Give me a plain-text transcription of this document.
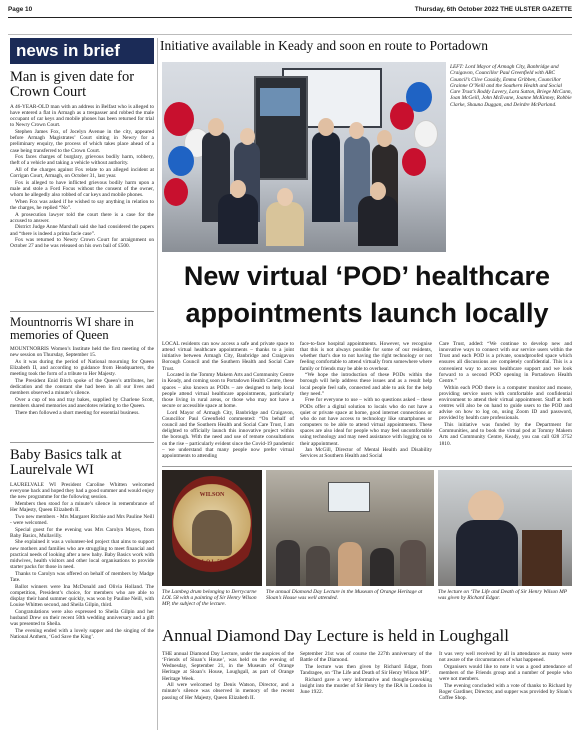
Page 10	Thursday, 6th October 2022 THE ULSTER GAZETTE
news in brief	Initiative available in Keady and soon en route to Portadown
Man is given date for Crown Court

A 46-YEAR-OLD man with an address in Belfast who is alleged to have entered a flat in Armagh as a trespasser and robbed the male occupant of car keys and mobile phones has been returned for trial to Newry Crown Court.

Stephen James Fox, of Jocelyn Avenue in the city, appeared before Armagh Magistrates’ Court sitting in Newry for a preliminary enquiry, the process of which takes place ahead of a case being transferred to the Crown Court.

Fox faces charges of burglary, grievous bodily harm, robbery, theft of a vehicle and taking a vehicle without authority.

All of the charges against Fox relate to an alleged incident at Corrigan Court, Armagh, on October 31, last year.

Fox is alleged to have inflicted grievous bodily harm upon a male and stole a Ford Focus without the consent of the owner, whom he allegedly also robbed of car keys and mobile phones.

When Fox was asked if he wished to say anything in relation to the charges, he replied “No”.

A prosecution lawyer told the court there is a case for the accused to answer.

District Judge Anne Marshall said she had considered the papers and “there is indeed a prima facie case”.

Fox was returned to Newry Crown Court for arraignment on October 27 and he was released on his own bail of £500.

Mountnorris WI share in memories of Queen

MOUNTNORRIS Women’s Institute held the first meeting of the new session on Thursday, September 15.

As it was during the period of National mourning for Queen Elizabeth II, and according to guidance from Headquarters, the meeting took the form of a tribute to Her Majesty.

The President Enid Birch spoke of the Queen’s attributes, her dedication and the constant she had been in all our lives and members observed a minute’s silence.

Over a cup of tea and tray bakes, supplied by Charlene Scott, members shared memories and anecdotes relating to the Queen.

There then followed a short meeting for essential business.

Baby Basics talk at Laurelvale WI

LAURELVALE WI President Caroline Whitten welcomed everyone back and hoped they had a good summer and would enjoy the new programme for the following session.

Members then stood for a minute’s silence in remembrance of Her Majesty, Queen Elizabeth II.

Two new members - Mrs Margaret Ritchie and Mrs Pauline Neill - were welcomed.

Special guest for the evening was Mrs Carolyn Mayes, from Baby Basics, Mullavilly.

She explained it was a volunteer-led project that aims to support new mothers and families who are struggling to meet financial and practical needs of looking after a new baby. Baby Basics work with midwives, health visitors and other local organisations to provide starter packs for those in need.

Thanks to Carolyn was offered on behalf of members by Madge Tate.

Ballot winners were Ina McDonald and Olivia Holland. The competition, President’s choice, for members who are able to display their hand summer quickly, was won by Pauline Neill, with Louise Whitten second, and Sheila Gilpin, third.

Congratulations were also expressed to Sheila Gilpin and her husband Drew on their recent 50th wedding anniversary and a gift was presented to Sheila.

The evening ended with a lovely supper and the singing of the National Anthem, ‘God Save the King’.

LEFT: Lord Mayor of Armagh City, Banbridge and Craigavon, Councillor Paul Greenfield with ABC Council’s Clive Cassidy, Emma Gribben, Councillor Grainne O’Neill and the Southern Health and Social Care Trust’s Roddy Lavery, Lara Sutton, Briege McCann, Joan McGeill, John McEvane, Joanne McKinney, Robbie Clarke, Shauna Duggan, and Deirdre McParland.
New virtual ‘POD’ healthcare
appointments launch locally

LOCAL residents can now access a safe and private space to attend virtual healthcare appointments – thanks to a joint initiative between Armagh City, Banbridge and Craigavon Borough Council and the Southern Health and Social Care Trust.

Located in the Tommy Makem Arts and Community Centre in Keady, and coming soon to Portadown Health Centre, these spaces – also known as PODs – are designed to help local people attend virtual healthcare appointments, particularly those living in rural areas, or those who may not have a secure or accessible space at home.

Lord Mayor of Armagh City, Banbridge and Craigavon, Councillor Paul Greenfield commented: “On behalf of council and the Southern Health and Social Care Trust, I am delighted to officially launch this innovative project within the borough. With the need and use of remote consultations on the rise – particularly evident since the Covid-19 pandemic – we understand that many people now prefer virtual appointments to attending

face-to-face hospital appointments. However, we recognise that this is not always possible for some of our residents, whether that’s due to not having the right technology or not feeling comfortable to attend virtually from somewhere where family or friends may be able to overhear.

“We hope the introduction of these PODs within the borough will help address these issues and as a result help local people feel safe, connected and able to ask for the help they need.”

Free for everyone to use – with no questions asked – these PODs offer a digital solution to locals who do not have a quiet or private space at home, good internet connections or who do not have access to technology like smartphones or computers to be able to attend virtual appointments. These spaces are also ideal for people who may feel uncomfortable using technology and may need assistance with logging on to their appointment.

Jan McGill, Director of Mental Health and Disability Services at Southern Health and Social

Care Trust, added: “We continue to develop new and innovative ways to connect with our service users within the Trust and each POD is a private, soundproofed space which ensures all discussions are completely confidential. This is a convenient way to access healthcare support and we look forward to a second POD opening in Portadown Health Centre.”

Within each POD there is a computer monitor and mouse, providing service users with comfortable and confidential environment to attend their virtual appointment. Staff at both centres will also be on hand to guide users to the POD and advise on how to log on, using Zoom ID and password, provided by health care professionals.

This initiative was funded by the Department for Communities, and to book the virtual pod at Tommy Makem Arts and Community Centre, Keady, you can call 028 3752 1810.

WILSON
L.O.L. 58
The Lambeg drum belonging to Derrycarne LOL 58 with a painting of Sir Henry Wilson MP, the subject of the lecture.
The annual Diamond Day Lecture in the Museum of Orange Heritage at Sloan’s House was well attended.
The lecture on ‘The Life and Death of Sir Henry Wilson MP was given by Richard Edgar.
Annual Diamond Day Lecture is held in Loughgall

THE annual Diamond Day Lecture, under the auspices of the ‘Friends of Sloan’s House’, was held on the evening of Wednesday, September 21, in the Museum of Orange Heritage at Sloan’s House, Loughgall, as part of Orange Heritage Week.

All were welcomed by Denis Watson, Director, and a minute’s silence was observed in memory of the recent passing of Her Majesty, Queen Elizabeth II.

September 21st was of course the 227th anniversary of the Battle of the Diamond.

The lecture was then given by Richard Edgar, from Tandragee, on ‘The Life and Death of Sir Henry Wilson MP’.

Richard gave a very informative and thought-provoking insight into the murder of Sir Henry by the IRA in London in June 1922.

It was very well received by all in attendance as many were not aware of the circumstances of what happened.

Organisers would like to note it was a good attendance of members of the Friends group and a number of people who were not members.

The evening concluded with a vote of thanks to Richard by Roger Gardiner, Director, and supper was provided by Sloan’s Coffee Shop.
